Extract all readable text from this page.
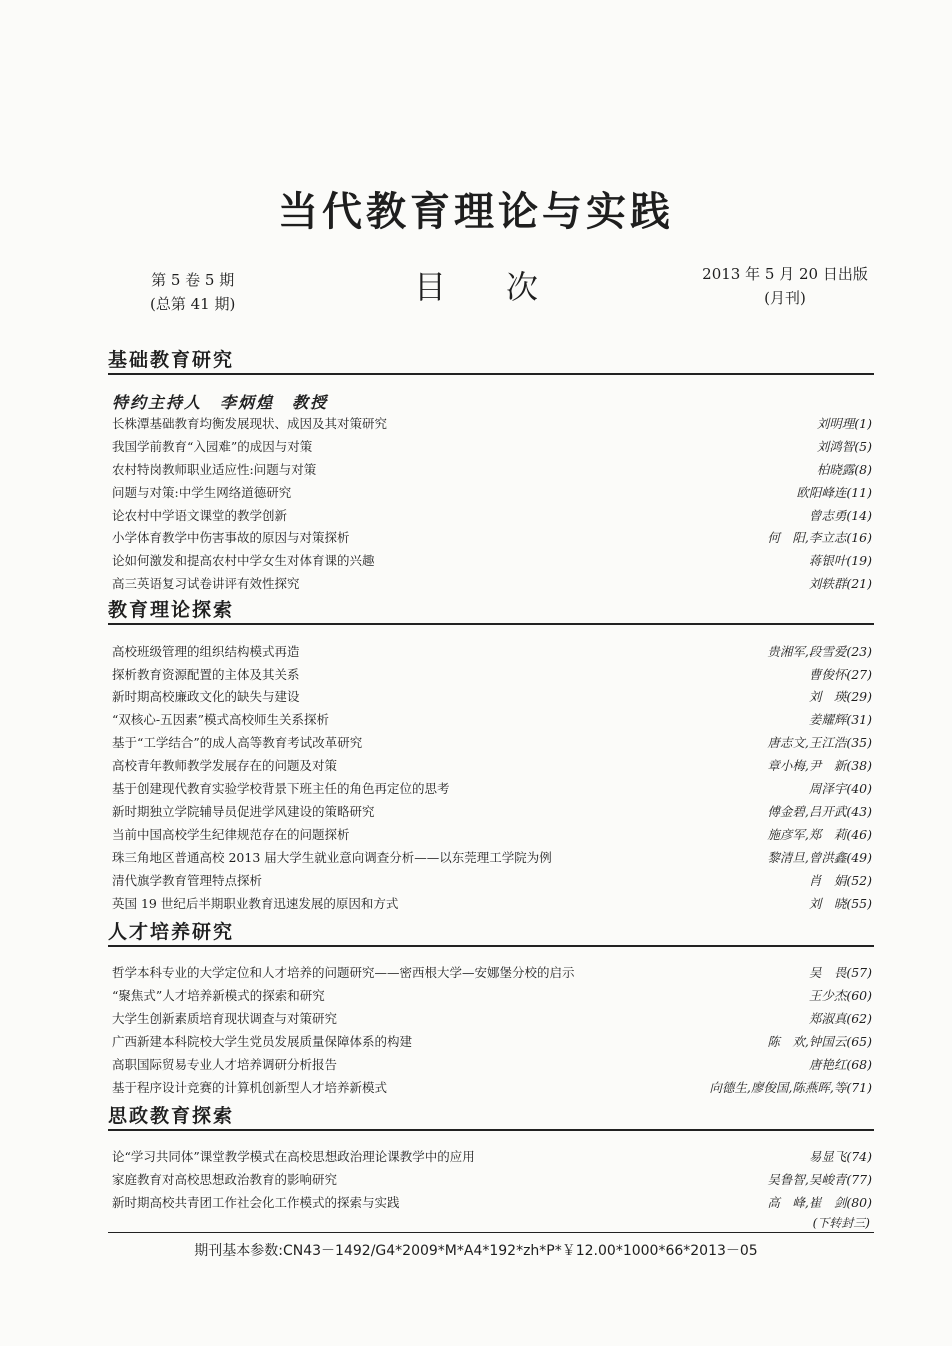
当代教育理论与实践
第 5 卷 5 期
(总第 41 期)	目次	2013 年 5 月 20 日出版
(月刊)
基础教育研究
特约主持人　李炳煌　教授
长株潭基础教育均衡发展现状、成因及其对策研究	刘明理(1)
我国学前教育“入园难”的成因与对策	刘鸿智(5)
农村特岗教师职业适应性:问题与对策	柏晓露(8)
问题与对策:中学生网络道德研究	欧阳峰连(11)
论农村中学语文课堂的教学创新	曾志勇(14)
小学体育教学中伤害事故的原因与对策探析	何　阳,李立志(16)
论如何激发和提高农村中学女生对体育课的兴趣	蒋银叶(19)
高三英语复习试卷讲评有效性探究	刘轶群(21)
教育理论探索
高校班级管理的组织结构模式再造	贵湘军,段雪爱(23)
探析教育资源配置的主体及其关系	曹俊怀(27)
新时期高校廉政文化的缺失与建设	刘　瑛(29)
“双核心-五因素”模式高校师生关系探析	姜耀辉(31)
基于“工学结合”的成人高等教育考试改革研究	唐志文,王江浩(35)
高校青年教师教学发展存在的问题及对策	章小梅,尹　新(38)
基于创建现代教育实验学校背景下班主任的角色再定位的思考	周泽宇(40)
新时期独立学院辅导员促进学风建设的策略研究	傅金碧,吕开武(43)
当前中国高校学生纪律规范存在的问题探析	施彦军,郑　莉(46)
珠三角地区普通高校 2013 届大学生就业意向调查分析——以东莞理工学院为例	黎清旦,曾洪鑫(49)
清代旗学教育管理特点探析	肖　娟(52)
英国 19 世纪后半期职业教育迅速发展的原因和方式	刘　晓(55)
人才培养研究
哲学本科专业的大学定位和人才培养的问题研究——密西根大学—安娜堡分校的启示	吴　畏(57)
“聚焦式”人才培养新模式的探索和研究	王少杰(60)
大学生创新素质培育现状调查与对策研究	郑淑真(62)
广西新建本科院校大学生党员发展质量保障体系的构建	陈　欢,钟国云(65)
高职国际贸易专业人才培养调研分析报告	唐艳红(68)
基于程序设计竞赛的计算机创新型人才培养新模式	向德生,廖俊国,陈燕晖,等(71)
思政教育探索
论“学习共同体”课堂教学模式在高校思想政治理论课教学中的应用	易显飞(74)
家庭教育对高校思想政治教育的影响研究	吴鲁智,吴峻青(77)
新时期高校共青团工作社会化工作模式的探索与实践	高　峰,崔　剑(80)
(下转封三)
期刊基本参数:CN43－1492/G4*2009*M*A4*192*zh*P*￥12.00*1000*66*2013－05
